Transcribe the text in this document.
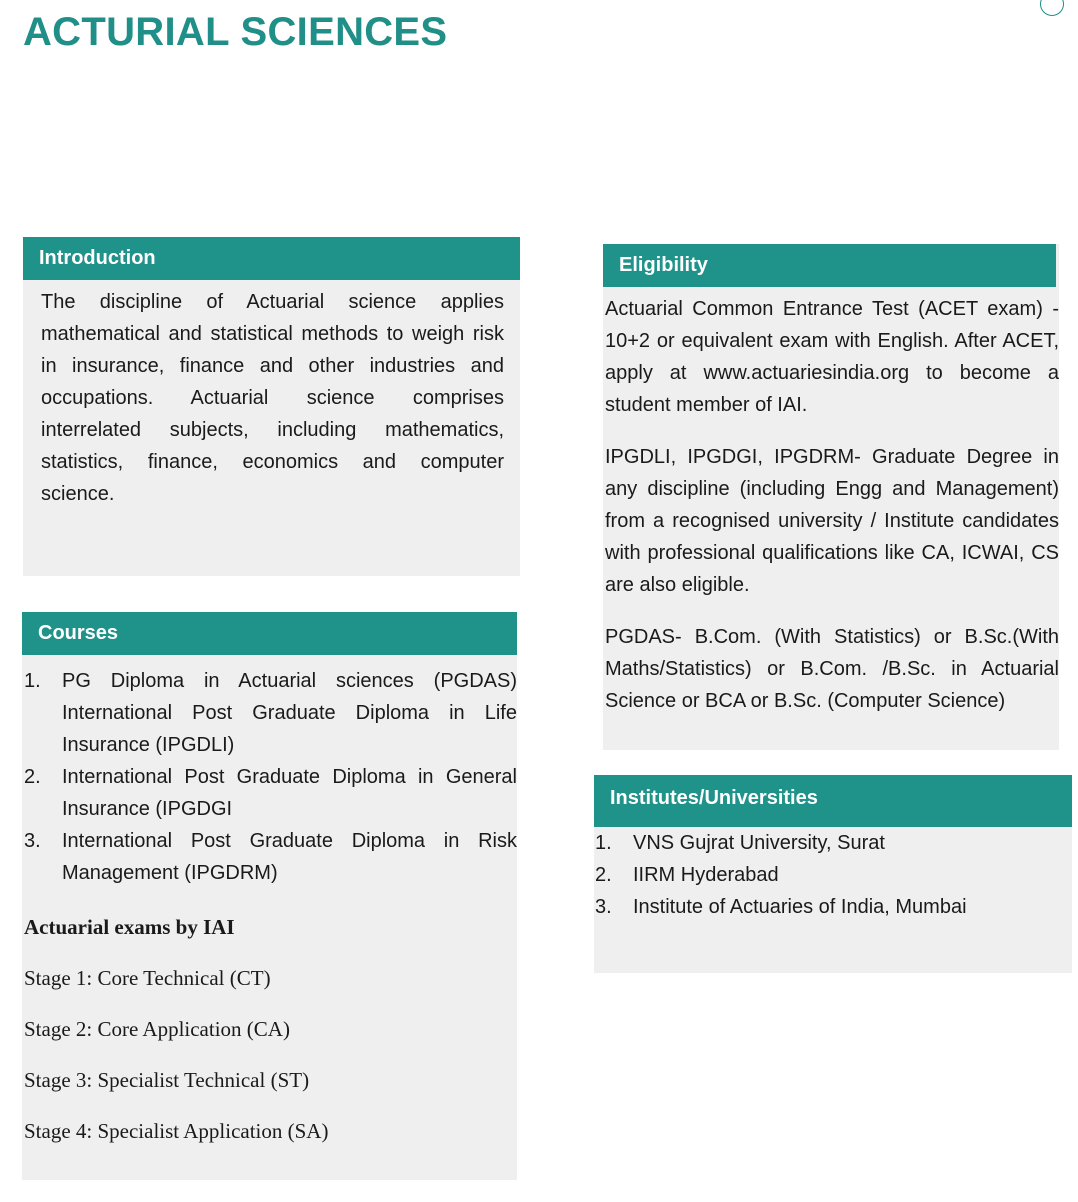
ACTURIAL SCIENCES
Introduction
The discipline of Actuarial science applies mathematical and statistical methods to weigh risk in insurance, finance and other industries and occupations. Actuarial science comprises interrelated subjects, including mathematics, statistics, finance, economics and computer science.
Courses
1. PG Diploma in Actuarial sciences (PGDAS) International Post Graduate Diploma in Life Insurance (IPGDLI)
2. International Post Graduate Diploma in General Insurance (IPGDGI
3. International Post Graduate Diploma in Risk Management (IPGDRM)

Actuarial exams by IAI

Stage 1: Core Technical (CT)

Stage 2: Core Application (CA)

Stage 3: Specialist Technical (ST)

Stage 4: Specialist Application (SA)

Eligibility

Actuarial Common Entrance Test (ACET exam) - 10+2 or equivalent exam with English. After ACET, apply at www.actuariesindia.org to become a student member of IAI.

IPGDLI, IPGDGI, IPGDRM- Graduate Degree in any discipline (including Engg and Management) from a recognised university / Institute candidates with professional qualifications like CA, ICWAI, CS are also eligible.

PGDAS- B.Com. (With Statistics) or B.Sc.(With Maths/Statistics) or B.Com. /B.Sc. in Actuarial Science or BCA or B.Sc. (Computer Science)

Institutes/Universities
1. VNS Gujrat University, Surat
2. IIRM Hyderabad
3. Institute of Actuaries of India, Mumbai
